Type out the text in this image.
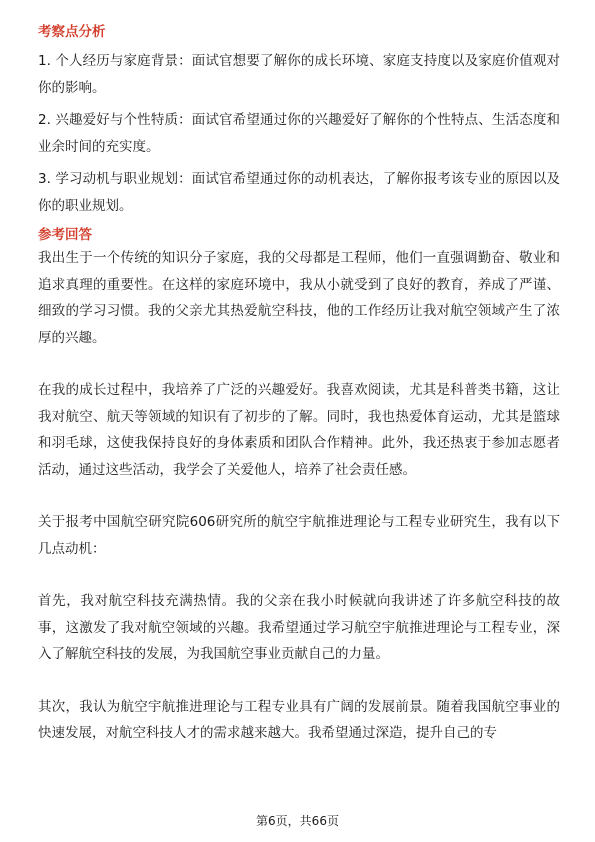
考察点分析

1. 个人经历与家庭背景：面试官想要了解你的成长环境、家庭支持度以及家庭价值观对你的影响。

2. 兴趣爱好与个性特质：面试官希望通过你的兴趣爱好了解你的个性特点、生活态度和业余时间的充实度。

3. 学习动机与职业规划：面试官希望通过你的动机表达，了解你报考该专业的原因以及你的职业规划。

参考回答

我出生于一个传统的知识分子家庭，我的父母都是工程师，他们一直强调勤奋、敬业和追求真理的重要性。在这样的家庭环境中，我从小就受到了良好的教育，养成了严谨、细致的学习习惯。我的父亲尤其热爱航空科技，他的工作经历让我对航空领域产生了浓厚的兴趣。

在我的成长过程中，我培养了广泛的兴趣爱好。我喜欢阅读，尤其是科普类书籍，这让我对航空、航天等领域的知识有了初步的了解。同时，我也热爱体育运动，尤其是篮球和羽毛球，这使我保持良好的身体素质和团队合作精神。此外，我还热衷于参加志愿者活动，通过这些活动，我学会了关爱他人，培养了社会责任感。

关于报考中国航空研究院606研究所的航空宇航推进理论与工程专业研究生，我有以下几点动机：

首先，我对航空科技充满热情。我的父亲在我小时候就向我讲述了许多航空科技的故事，这激发了我对航空领域的兴趣。我希望通过学习航空宇航推进理论与工程专业，深入了解航空科技的发展，为我国航空事业贡献自己的力量。

其次，我认为航空宇航推进理论与工程专业具有广阔的发展前景。随着我国航空事业的快速发展，对航空科技人才的需求越来越大。我希望通过深造，提升自己的专

第6页，共66页
